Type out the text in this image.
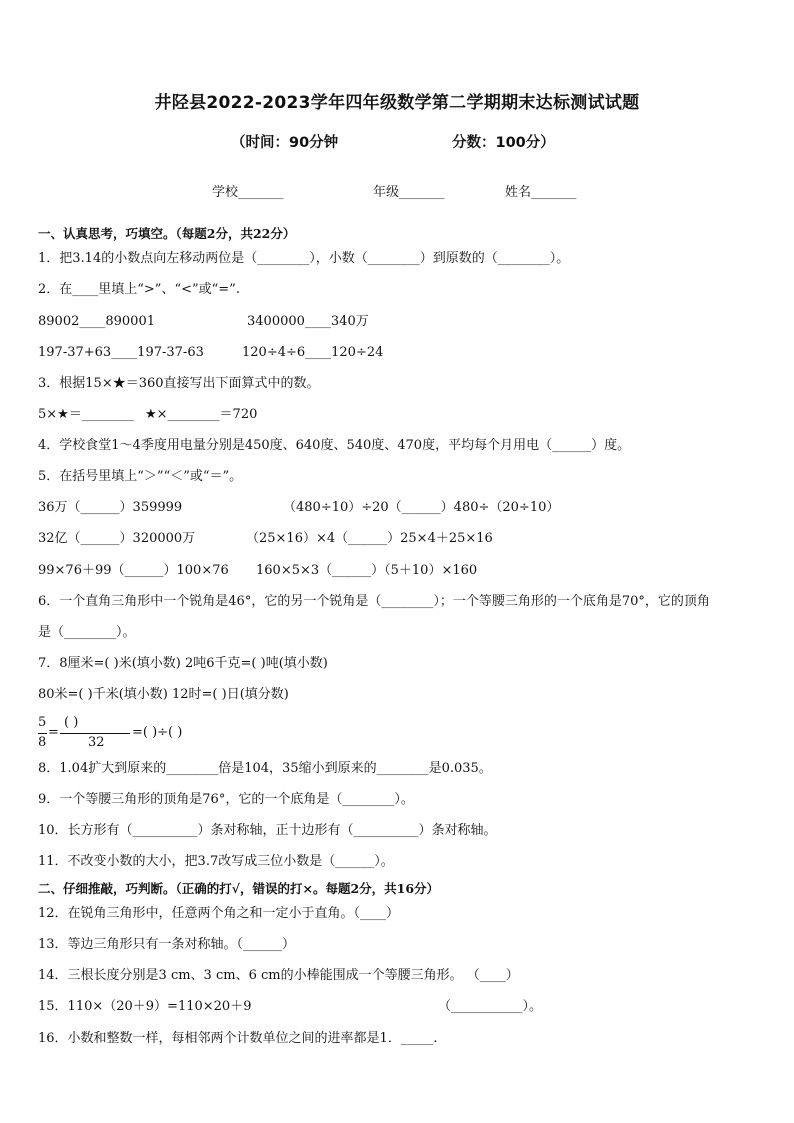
井陉县2022-2023学年四年级数学第二学期期末达标测试试题
（时间：90分钟	分数：100分）
学校_______	年级_______	姓名_______
一、认真思考，巧填空。（每题2分，共22分）
1．把3.14的小数点向左移动两位是（________），小数（________）到原数的（________）。
2．在____里填上“>”、“<”或“=”.
89002____890001	3400000____340万
197-37+63____197-37-63	120÷4÷6____120÷24
3．根据15×★＝360直接写出下面算式中的数。
5×★＝________ ★×________＝720
4．学校食堂1～4季度用电量分别是450度、640度、540度、470度，平均每个月用电（______）度。
5．在括号里填上“＞”“＜”或“＝”。
36万（______）359999	（480÷10）÷20（______）480÷（20÷10）
32亿（______）320000万	（25×16）×4（______）25×4＋25×16
99×76＋99（______）100×76 160×5×3（______）（5＋10）×160
6．一个直角三角形中一个锐角是46°，它的另一个锐角是（________）；一个等腰三角形的一个底角是70°，它的顶角
是（________）。
7．8厘米=( )米(填小数) 2吨6千克=( )吨(填小数)
80米=( )千米(填小数) 12时=( )日(填分数)
5
8
=
( )
32
=( )÷( )
8．1.04扩大到原来的________倍是104，35缩小到原来的________是0.035。
9．一个等腰三角形的顶角是76°，它的一个底角是（________）。
10．长方形有（__________）条对称轴，正十边形有（__________）条对称轴。
11．不改变小数的大小，把3.7改写成三位小数是（______）。
二、仔细推敲，巧判断。（正确的打√，错误的打×。每题2分，共16分）
12．在锐角三角形中，任意两个角之和一定小于直角。（____）
13．等边三角形只有一条对称轴。（______）
14．三根长度分别是3 cm、3 cm、6 cm的小棒能围成一个等腰三角形。 （____）
15．110×（20＋9）=110×20＋9	（___________）。
16．小数和整数一样，每相邻两个计数单位之间的进率都是1．_____.
